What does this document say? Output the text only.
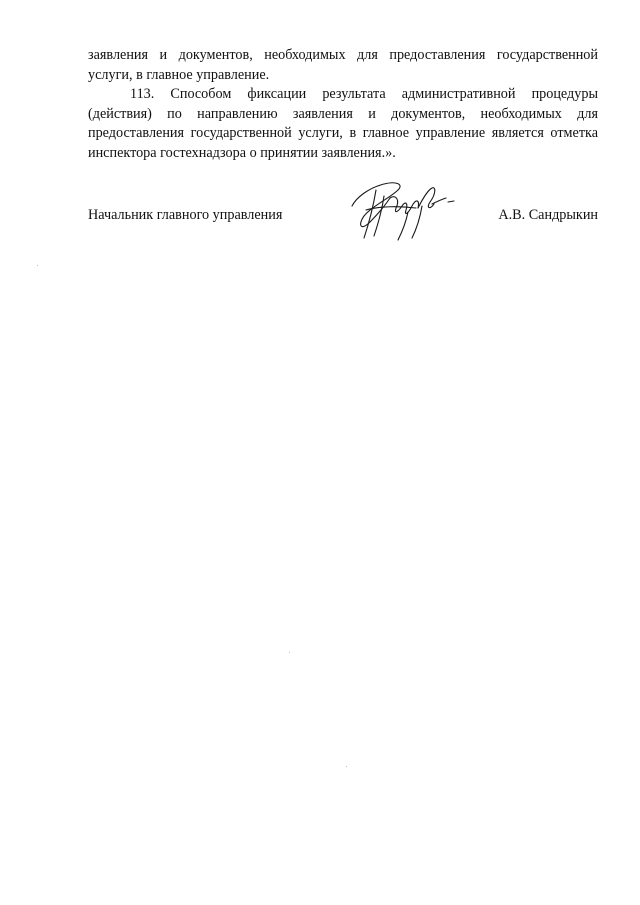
заявления и документов, необходимых для предоставления государственной услуги, в главное управление.

113. Способом фиксации результата административной процедуры (действия) по направлению заявления и документов, необходимых для предоставления государственной услуги, в главное управление является отметка инспектора гостехнадзора о принятии заявления.».

Начальник главного управления	А.В. Сандрыкин
